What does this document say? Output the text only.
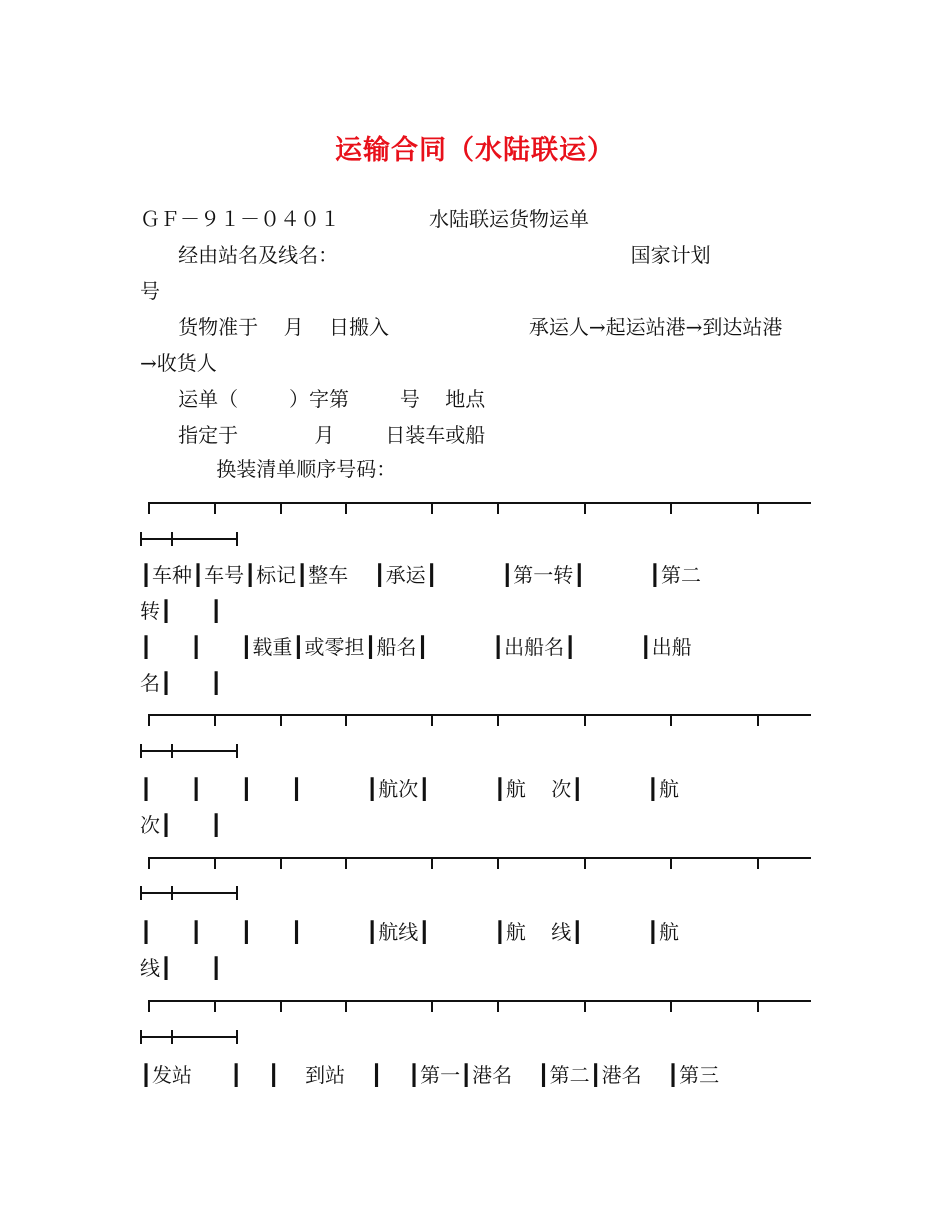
运输合同（水陆联运）
ＧＦ－９１－０４０１              水陆联运货物运单
经由站名及线名：                                              国家计划
号
货物准于    月    日搬入                      承运人→起运站港→到达站港
→收货人
运单（        ）字第        号    地点
指定于            月        日装车或船
换装清单顺序号码：
┃车种┃车号┃标记┃整车    ┃承运┃          ┃第一转┃          ┃第二
转┃      ┃
┃      ┃      ┃载重┃或零担┃船名┃          ┃出船名┃          ┃出船
名┃      ┃
┃      ┃      ┃      ┃          ┃航次┃          ┃航    次┃          ┃航
次┃      ┃
┃      ┃      ┃      ┃          ┃航线┃          ┃航    线┃          ┃航
线┃      ┃
┃发站      ┃    ┃    到站    ┃    ┃第一┃港名    ┃第二┃港名    ┃第三
